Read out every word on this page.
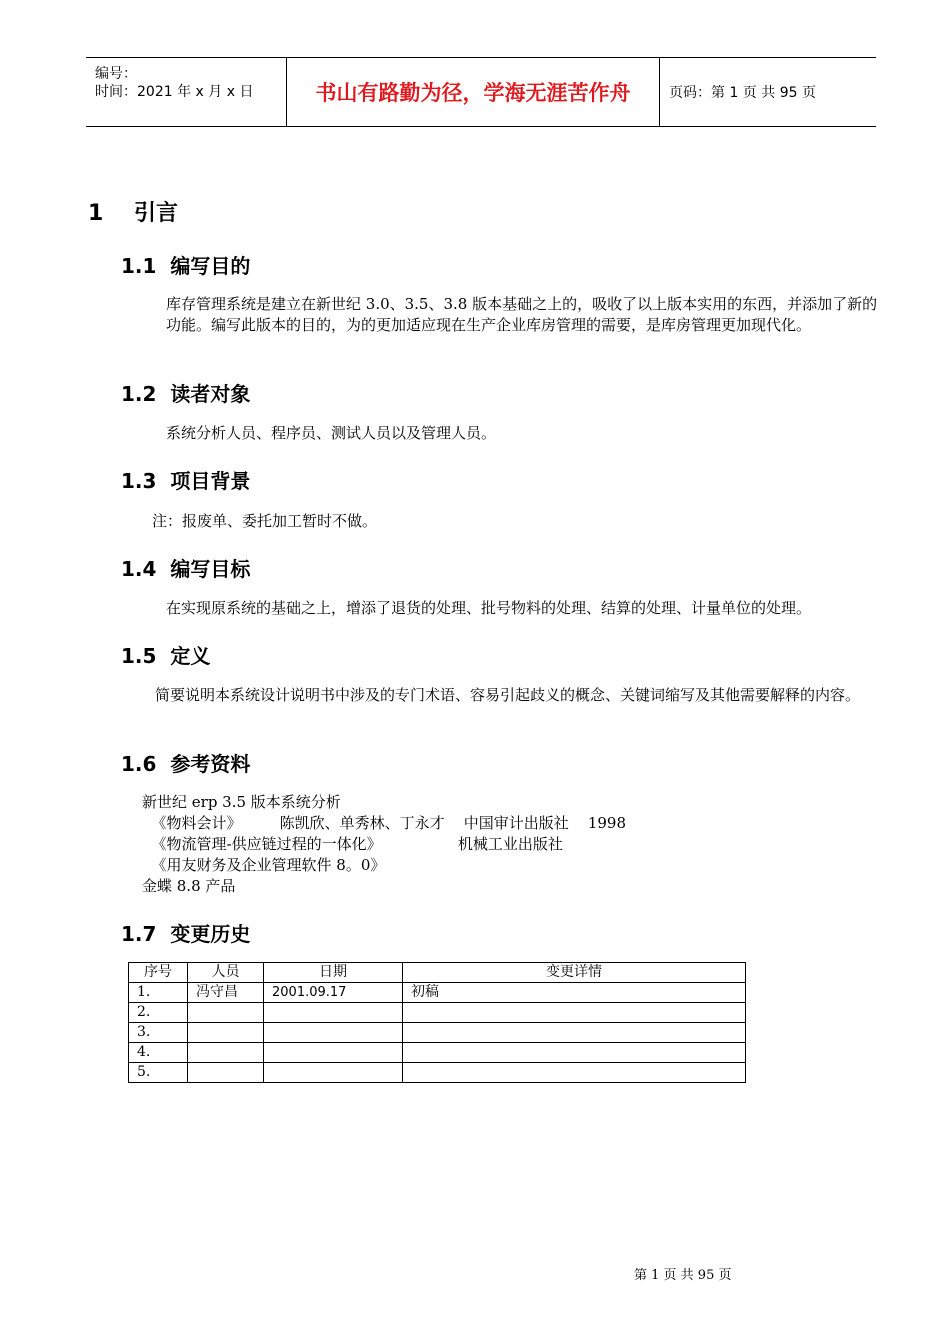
编号：
时间：2021 年 x 月 x 日	书山有路勤为径，学海无涯苦作舟	页码：第 1 页 共 95 页
1 引言
1.1 编写目的

库存管理系统是建立在新世纪 3.0、3.5、3.8 版本基础之上的，吸收了以上版本实用的东西，并添加了新的功能。编写此版本的目的，为的更加适应现在生产企业库房管理的需要，是库房管理更加现代化。

1.2 读者对象

系统分析人员、程序员、测试人员以及管理人员。

1.3 项目背景

注：报废单、委托加工暂时不做。

1.4 编写目标

在实现原系统的基础之上，增添了退货的处理、批号物料的处理、结算的处理、计量单位的处理。

1.5 定义

简要说明本系统设计说明书中涉及的专门术语、容易引起歧义的概念、关键词缩写及其他需要解释的内容。

1.6 参考资料
新世纪 erp 3.5 版本系统分析
《物料会计》        陈凯欣、单秀林、丁永才    中国审计出版社    1998
《物流管理-供应链过程的一体化》                机械工业出版社
《用友财务及企业管理软件 8。0》
金蝶 8.8 产品
1.7 变更历史
序号	人员	日期	变更详情
1.	冯守昌	2001.09.17	初稿
2.			
3.			
4.			
5.			
第 1 页 共 95 页
